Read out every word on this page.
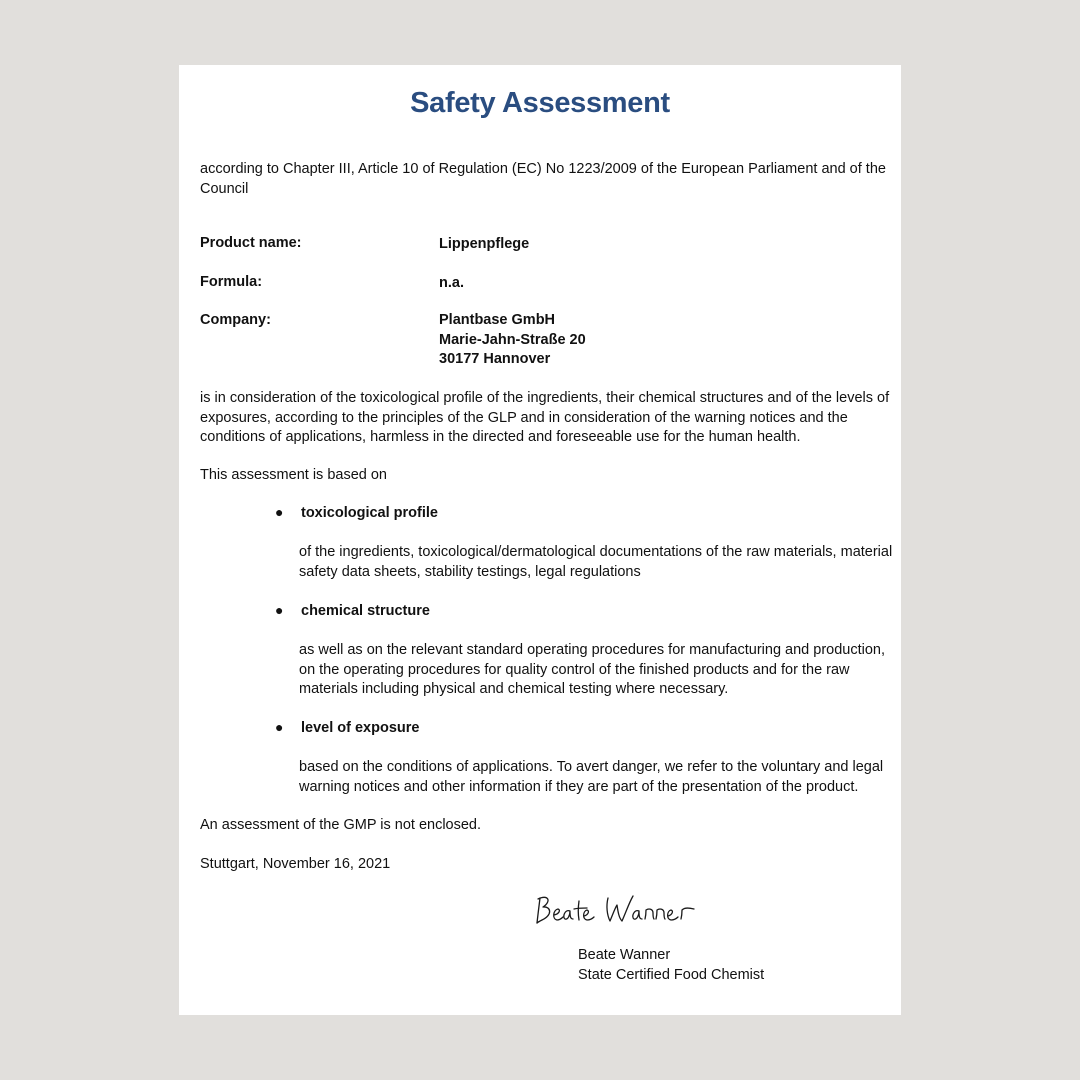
Safety Assessment
according to Chapter III, Article 10 of Regulation (EC) No 1223/2009 of the European Parliament and of the
Council
Product name:	Lippenpflege
Formula:	n.a.
Company:	Plantbase GmbH
Marie-Jahn-Straße 20
30177 Hannover
is in consideration of the toxicological profile of the ingredients, their chemical structures and of the levels of
exposures, according to the principles of the GLP and in consideration of the warning notices and the
conditions of applications, harmless in the directed and foreseeable use for the human health.
This assessment is based on
● toxicological profile
of the ingredients, toxicological/dermatological documentations of the raw materials, material
safety data sheets, stability testings, legal regulations
● chemical structure
as well as on the relevant standard operating procedures for manufacturing and production,
on the operating procedures for quality control of the finished products and for the raw
materials including physical and chemical testing where necessary.
● level of exposure
based on the conditions of applications. To avert danger, we refer to the voluntary and legal
warning notices and other information if they are part of the presentation of the product.
An assessment of the GMP is not enclosed.
Stuttgart, November 16, 2021
Beate Wanner
State Certified Food Chemist
